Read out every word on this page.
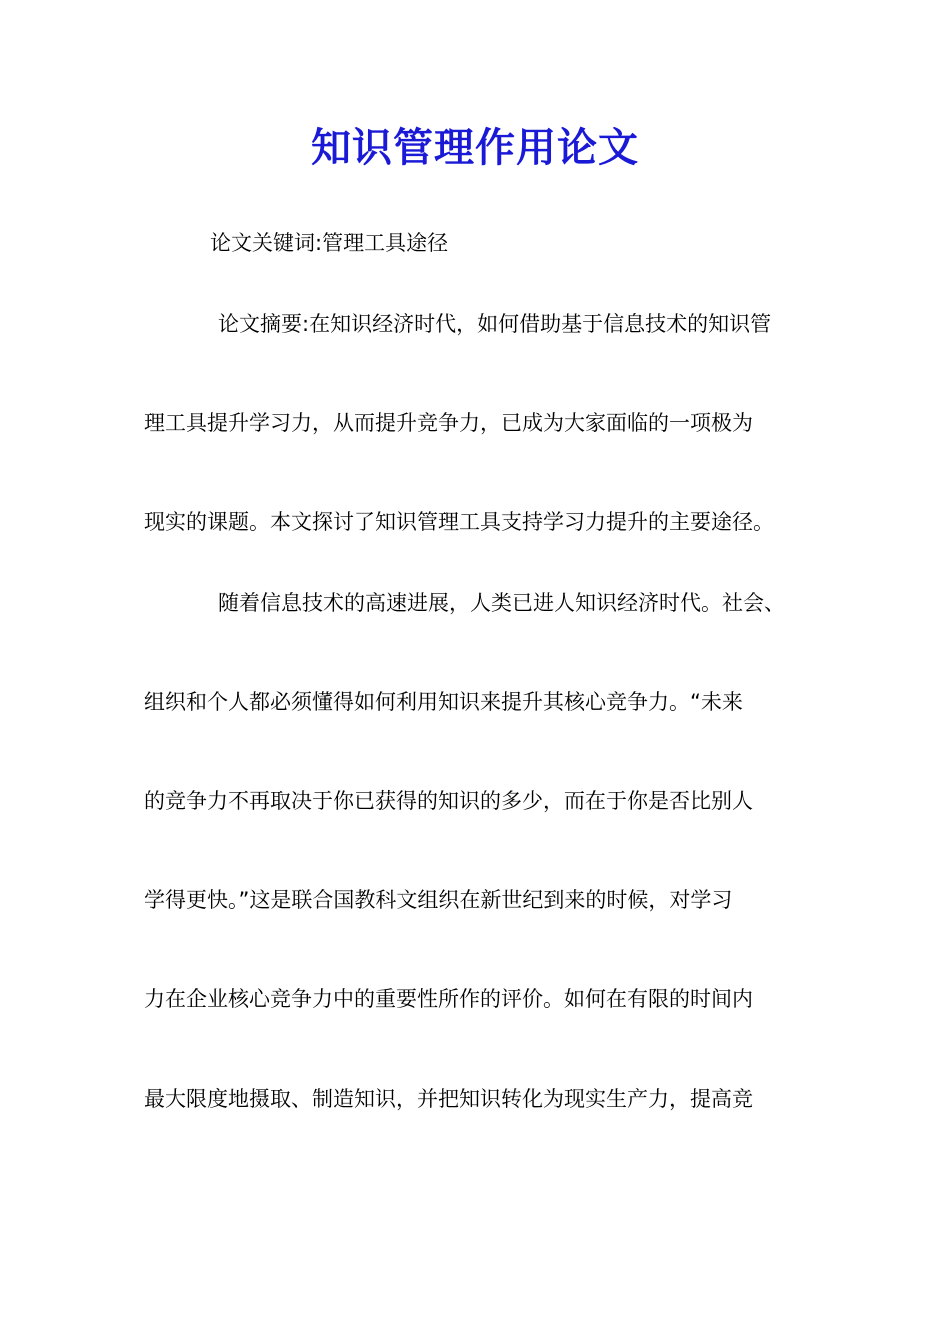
知识管理作用论文
论文关键词:管理工具途径
论文摘要:在知识经济时代，如何借助基于信息技术的知识管
理工具提升学习力，从而提升竞争力，已成为大家面临的一项极为
现实的课题。本文探讨了知识管理工具支持学习力提升的主要途径。
随着信息技术的高速进展，人类已进人知识经济时代。社会、
组织和个人都必须懂得如何利用知识来提升其核心竞争力。“未来
的竞争力不再取决于你已获得的知识的多少，而在于你是否比别人
学得更快。”这是联合国教科文组织在新世纪到来的时候，对学习
力在企业核心竞争力中的重要性所作的评价。如何在有限的时间内
最大限度地摄取、制造知识，并把知识转化为现实生产力，提高竞
